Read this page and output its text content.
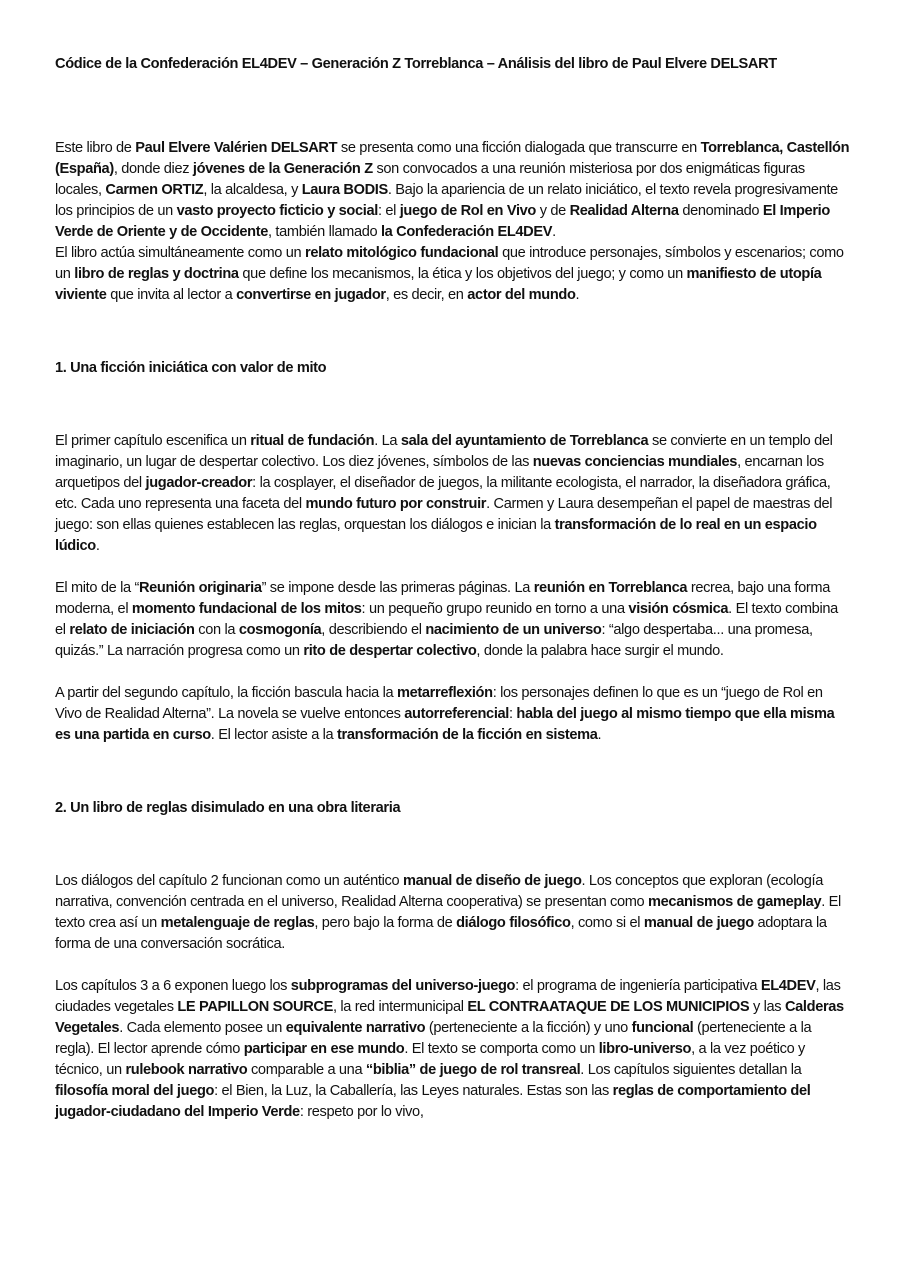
Códice de la Confederación EL4DEV – Generación Z Torreblanca – Análisis del libro de Paul Elvere DELSART

Este libro de Paul Elvere Valérien DELSART se presenta como una ficción dialogada que transcurre en Torreblanca, Castellón (España), donde diez jóvenes de la Generación Z son convocados a una reunión misteriosa por dos enigmáticas figuras locales, Carmen ORTIZ, la alcaldesa, y Laura BODIS. Bajo la apariencia de un relato iniciático, el texto revela progresivamente los principios de un vasto proyecto ficticio y social: el juego de Rol en Vivo y de Realidad Alterna denominado El Imperio Verde de Oriente y de Occidente, también llamado la Confederación EL4DEV.

El libro actúa simultáneamente como un relato mitológico fundacional que introduce personajes, símbolos y escenarios; como un libro de reglas y doctrina que define los mecanismos, la ética y los objetivos del juego; y como un manifiesto de utopía viviente que invita al lector a convertirse en jugador, es decir, en actor del mundo.

1. Una ficción iniciática con valor de mito

El primer capítulo escenifica un ritual de fundación. La sala del ayuntamiento de Torreblanca se convierte en un templo del imaginario, un lugar de despertar colectivo. Los diez jóvenes, símbolos de las nuevas conciencias mundiales, encarnan los arquetipos del jugador-creador: la cosplayer, el diseñador de juegos, la militante ecologista, el narrador, la diseñadora gráfica, etc. Cada uno representa una faceta del mundo futuro por construir. Carmen y Laura desempeñan el papel de maestras del juego: son ellas quienes establecen las reglas, orquestan los diálogos e inician la transformación de lo real en un espacio lúdico.

El mito de la “Reunión originaria” se impone desde las primeras páginas. La reunión en Torreblanca recrea, bajo una forma moderna, el momento fundacional de los mitos: un pequeño grupo reunido en torno a una visión cósmica. El texto combina el relato de iniciación con la cosmogonía, describiendo el nacimiento de un universo: “algo despertaba... una promesa, quizás.” La narración progresa como un rito de despertar colectivo, donde la palabra hace surgir el mundo.

A partir del segundo capítulo, la ficción bascula hacia la metarreflexión: los personajes definen lo que es un “juego de Rol en Vivo de Realidad Alterna”. La novela se vuelve entonces autorreferencial: habla del juego al mismo tiempo que ella misma es una partida en curso. El lector asiste a la transformación de la ficción en sistema.

2. Un libro de reglas disimulado en una obra literaria

Los diálogos del capítulo 2 funcionan como un auténtico manual de diseño de juego. Los conceptos que exploran (ecología narrativa, convención centrada en el universo, Realidad Alterna cooperativa) se presentan como mecanismos de gameplay. El texto crea así un metalenguaje de reglas, pero bajo la forma de diálogo filosófico, como si el manual de juego adoptara la forma de una conversación socrática.

Los capítulos 3 a 6 exponen luego los subprogramas del universo-juego: el programa de ingeniería participativa EL4DEV, las ciudades vegetales LE PAPILLON SOURCE, la red intermunicipal EL CONTRAATAQUE DE LOS MUNICIPIOS y las Calderas Vegetales. Cada elemento posee un equivalente narrativo (perteneciente a la ficción) y uno funcional (perteneciente a la regla). El lector aprende cómo participar en ese mundo. El texto se comporta como un libro-universo, a la vez poético y técnico, un rulebook narrativo comparable a una “biblia” de juego de rol transreal. Los capítulos siguientes detallan la filosofía moral del juego: el Bien, la Luz, la Caballería, las Leyes naturales. Estas son las reglas de comportamiento del jugador-ciudadano del Imperio Verde: respeto por lo vivo,
